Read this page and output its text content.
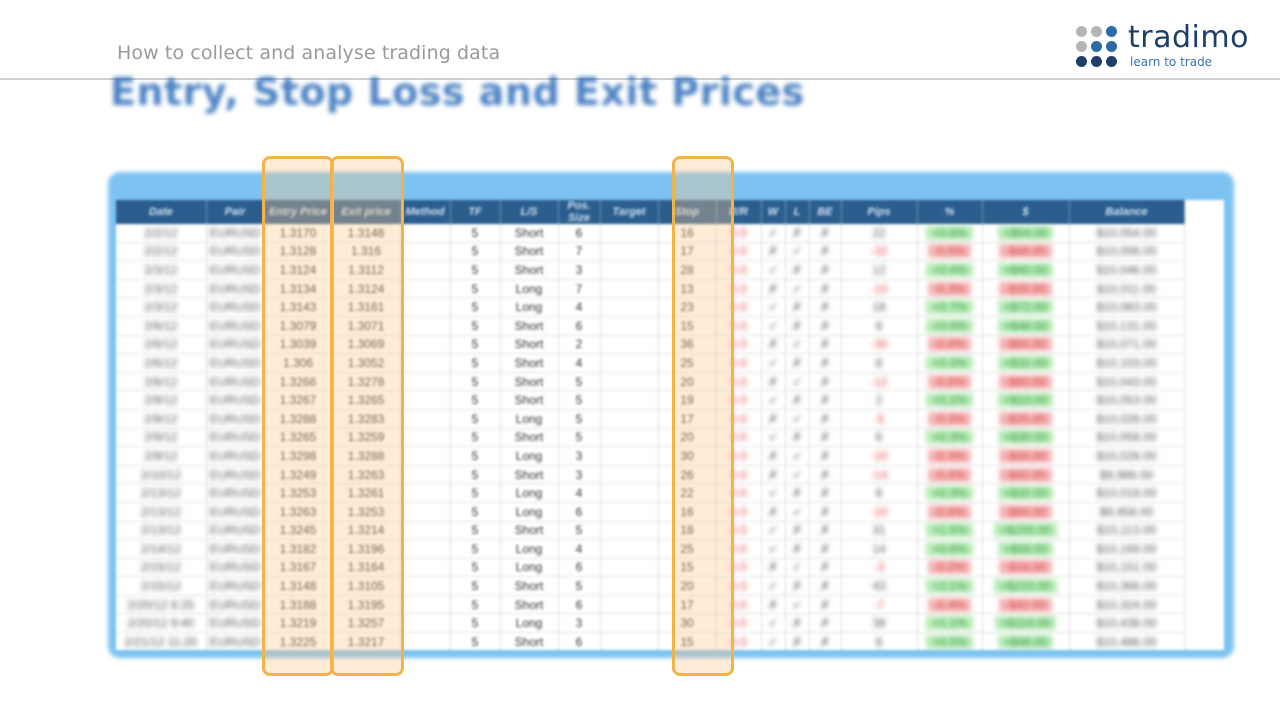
How to collect and analyse trading data	tradimo
learn to trade
Entry, Stop Loss and Exit Prices
Date	Pair	Entry Price	Exit price	Method	TF	L/S	Pos. Size	Target	Stop	R/R	W	L	BE	Pips	%	$	Balance
2/2/12	EURUSD	1.3170	1.3148		5	Short	6		16	0.0	✓	✗	✗	22	+0.8%	+$54.00	$10,054.00
2/2/12	EURUSD	1.3128	1.316		5	Short	7		17	0.0	✗	✓	✗	-32	-0.5%	-$48.00	$10,006.00
2/3/12	EURUSD	1.3124	1.3112		5	Short	3		28	0.0	✓	✗	✗	12	+0.4%	+$40.00	$10,046.00
2/3/12	EURUSD	1.3134	1.3124		5	Long	7		13	0.0	✗	✓	✗	-10	-0.3%	-$35.00	$10,011.00
2/3/12	EURUSD	1.3143	1.3161		5	Long	4		23	0.0	✓	✗	✗	18	+0.7%	+$72.00	$10,083.00
2/6/12	EURUSD	1.3079	1.3071		5	Short	6		15	0.0	✓	✗	✗	8	+0.4%	+$48.00	$10,131.00
2/6/12	EURUSD	1.3039	1.3069		5	Short	2		36	0.0	✗	✓	✗	-30	-0.6%	-$60.00	$10,071.00
2/6/12	EURUSD	1.306	1.3052		5	Short	4		25	0.0	✓	✗	✗	8	+0.3%	+$32.00	$10,103.00
2/6/12	EURUSD	1.3266	1.3278		5	Short	5		20	0.0	✗	✓	✗	-12	-0.6%	-$60.00	$10,043.00
2/8/12	EURUSD	1.3267	1.3265		5	Short	5		19	0.0	✓	✗	✗	2	+0.1%	+$10.00	$10,053.00
2/9/12	EURUSD	1.3288	1.3283		5	Long	5		17	0.0	✗	✓	✗	-5	-0.3%	-$25.00	$10,028.00
2/9/12	EURUSD	1.3265	1.3259		5	Short	5		20	0.0	✓	✗	✗	6	+0.3%	+$30.00	$10,058.00
2/9/12	EURUSD	1.3298	1.3288		5	Long	3		30	0.0	✗	✓	✗	-10	-0.3%	-$30.00	$10,028.00
2/10/12	EURUSD	1.3249	1.3263		5	Short	3		26	0.0	✗	✓	✗	-14	-0.4%	-$42.00	$9,986.00
2/13/12	EURUSD	1.3253	1.3261		5	Long	4		22	0.0	✓	✗	✗	8	+0.3%	+$32.00	$10,018.00
2/13/12	EURUSD	1.3263	1.3253		5	Long	6		16	0.0	✗	✓	✗	-10	-0.6%	-$60.00	$9,958.00
2/13/12	EURUSD	1.3245	1.3214		5	Short	5		18	0.0	✓	✗	✗	31	+1.5%	+$155.00	$10,113.00
2/14/12	EURUSD	1.3182	1.3196		5	Long	4		25	0.0	✓	✗	✗	14	+0.6%	+$56.00	$10,169.00
2/15/12	EURUSD	1.3167	1.3164		5	Long	6		15	0.0	✗	✓	✗	-3	-0.2%	-$18.00	$10,151.00
2/15/12	EURUSD	1.3148	1.3105		5	Short	5		20	0.0	✓	✗	✗	43	+2.1%	+$215.00	$10,366.00
2/20/12 8:25	EURUSD	1.3188	1.3195		5	Short	6		17	0.0	✗	✓	✗	-7	-0.4%	-$42.00	$10,324.00
2/20/12 9:40	EURUSD	1.3219	1.3257		5	Long	3		30	0.0	✓	✗	✗	38	+1.1%	+$114.00	$10,438.00
2/21/12 11:20	EURUSD	1.3225	1.3217		5	Short	6		15	0.0	✓	✗	✗	8	+0.5%	+$48.00	$10,486.00
